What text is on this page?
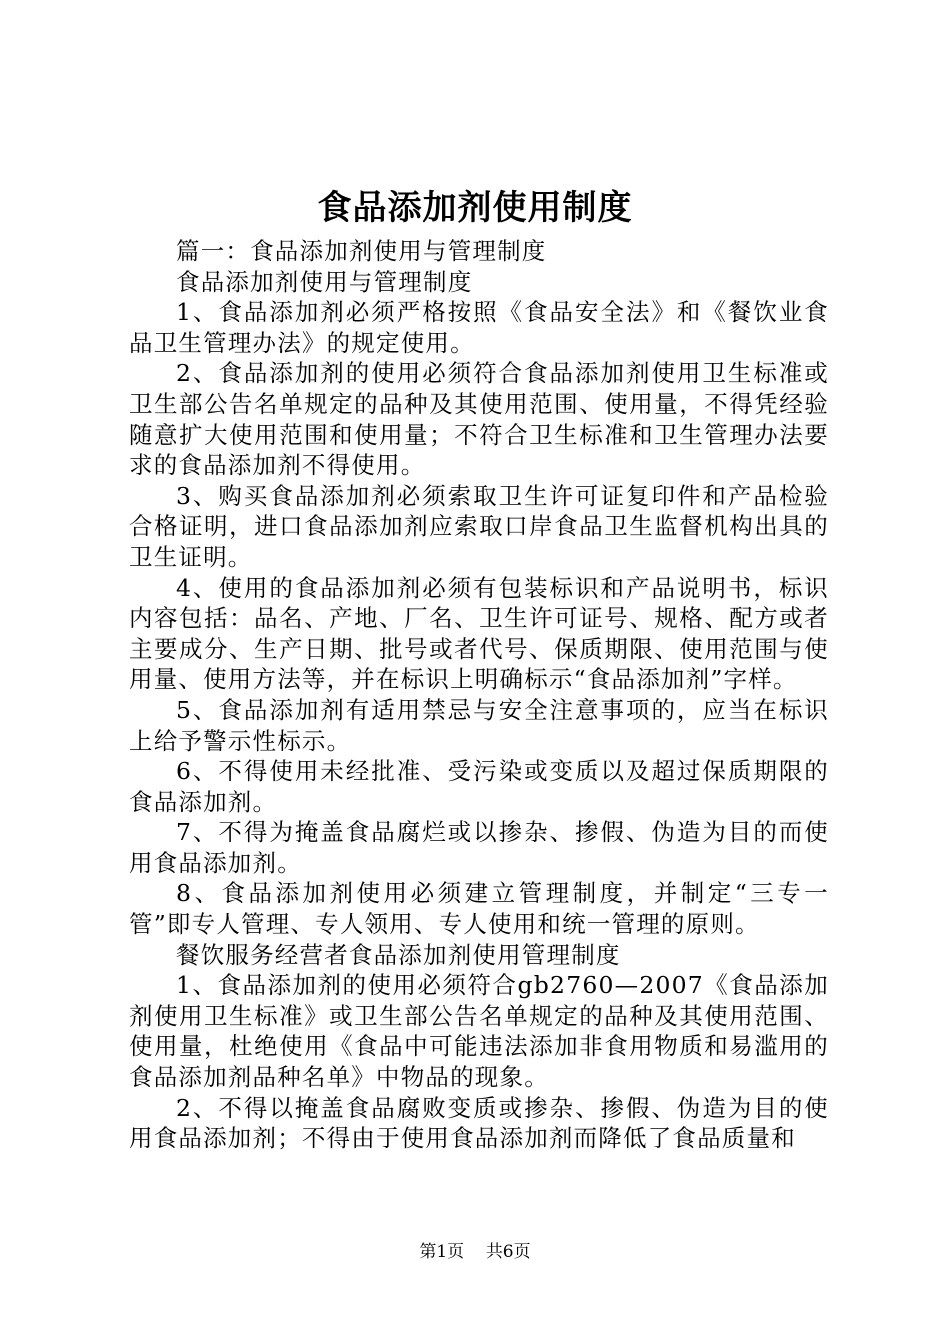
食品添加剂使用制度

篇一：食品添加剂使用与管理制度

食品添加剂使用与管理制度

1、食品添加剂必须严格按照《食品安全法》和《餐饮业食品卫生管理办法》的规定使用。

2、食品添加剂的使用必须符合食品添加剂使用卫生标准或卫生部公告名单规定的品种及其使用范围、使用量，不得凭经验随意扩大使用范围和使用量；不符合卫生标准和卫生管理办法要求的食品添加剂不得使用。

3、购买食品添加剂必须索取卫生许可证复印件和产品检验合格证明，进口食品添加剂应索取口岸食品卫生监督机构出具的卫生证明。

4、使用的食品添加剂必须有包装标识和产品说明书，标识内容包括：品名、产地、厂名、卫生许可证号、规格、配方或者主要成分、生产日期、批号或者代号、保质期限、使用范围与使用量、使用方法等，并在标识上明确标示“食品添加剂”字样。

5、食品添加剂有适用禁忌与安全注意事项的，应当在标识上给予警示性标示。

6、不得使用未经批准、受污染或变质以及超过保质期限的食品添加剂。

7、不得为掩盖食品腐烂或以掺杂、掺假、伪造为目的而使用食品添加剂。

8、食品添加剂使用必须建立管理制度，并制定“三专一管”即专人管理、专人领用、专人使用和统一管理的原则。

餐饮服务经营者食品添加剂使用管理制度

1、食品添加剂的使用必须符合gb2760—2007《食品添加剂使用卫生标准》或卫生部公告名单规定的品种及其使用范围、使用量，杜绝使用《食品中可能违法添加非食用物质和易滥用的食品添加剂品种名单》中物品的现象。

2、不得以掩盖食品腐败变质或掺杂、掺假、伪造为目的使用食品添加剂；不得由于使用食品添加剂而降低了食品质量和

第1页 共6页
